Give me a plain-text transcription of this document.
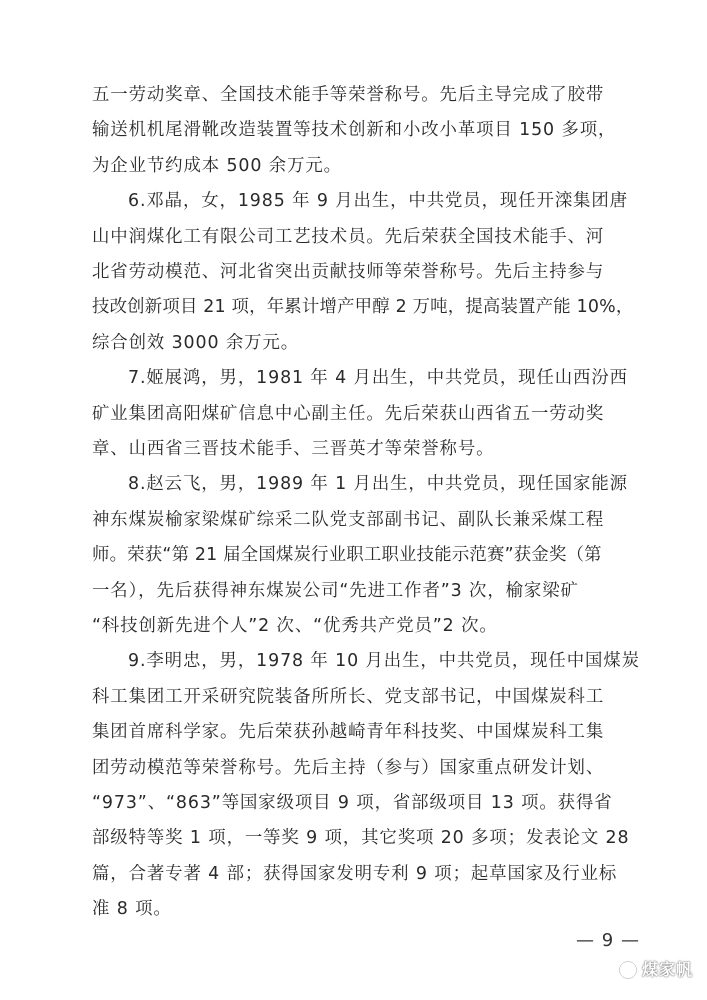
五一劳动奖章、全国技术能手等荣誉称号。先后主导完成了胶带
输送机机尾滑靴改造装置等技术创新和小改小革项目 150 多项，
为企业节约成本 500 余万元。
6.邓晶，女，1985 年 9 月出生，中共党员，现任开滦集团唐
山中润煤化工有限公司工艺技术员。先后荣获全国技术能手、河
北省劳动模范、河北省突出贡献技师等荣誉称号。先后主持参与
技改创新项目 21 项，年累计增产甲醇 2 万吨，提高装置产能 10%，
综合创效 3000 余万元。
7.姬展鸿，男，1981 年 4 月出生，中共党员，现任山西汾西
矿业集团高阳煤矿信息中心副主任。先后荣获山西省五一劳动奖
章、山西省三晋技术能手、三晋英才等荣誉称号。
8.赵云飞，男，1989 年 1 月出生，中共党员，现任国家能源
神东煤炭榆家梁煤矿综采二队党支部副书记、副队长兼采煤工程
师。荣获“第 21 届全国煤炭行业职工职业技能示范赛”获金奖（第
一名），先后获得神东煤炭公司“先进工作者”3 次，榆家梁矿
“科技创新先进个人”2 次、“优秀共产党员”2 次。
9.李明忠，男，1978 年 10 月出生，中共党员，现任中国煤炭
科工集团工开采研究院装备所所长、党支部书记，中国煤炭科工
集团首席科学家。先后荣获孙越崎青年科技奖、中国煤炭科工集
团劳动模范等荣誉称号。先后主持（参与）国家重点研发计划、
“973”、“863”等国家级项目 9 项，省部级项目 13 项。获得省
部级特等奖 1 项，一等奖 9 项，其它奖项 20 多项；发表论文 28
篇，合著专著 4 部；获得国家发明专利 9 项；起草国家及行业标
准 8 项。
— 9 —
煤家帆
